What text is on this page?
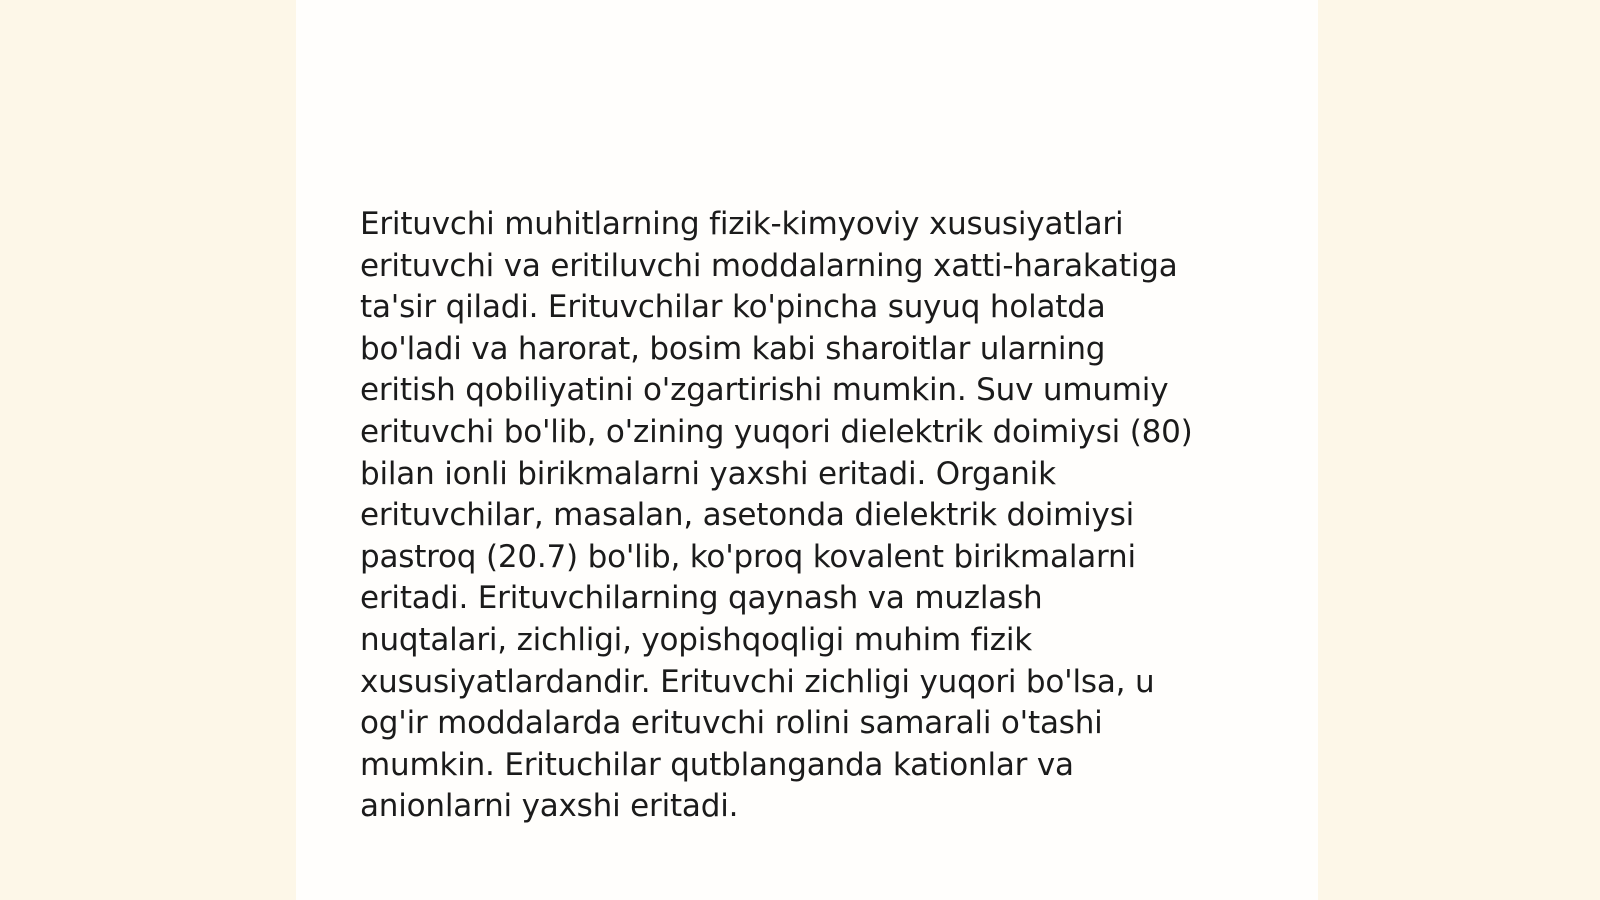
Erituvchi muhitlarning fizik-kimyoviy xususiyatlari
erituvchi va eritiluvchi moddalarning xatti-harakatiga
ta'sir qiladi. Erituvchilar ko'pincha suyuq holatda
bo'ladi va harorat, bosim kabi sharoitlar ularning
eritish qobiliyatini o'zgartirishi mumkin. Suv umumiy
erituvchi bo'lib, o'zining yuqori dielektrik doimiysi (80)
bilan ionli birikmalarni yaxshi eritadi. Organik
erituvchilar, masalan, asetonda dielektrik doimiysi
pastroq (20.7) bo'lib, ko'proq kovalent birikmalarni
eritadi. Erituvchilarning qaynash va muzlash
nuqtalari, zichligi, yopishqoqligi muhim fizik
xususiyatlardandir. Erituvchi zichligi yuqori bo'lsa, u
og'ir moddalarda erituvchi rolini samarali o'tashi
mumkin. Erituchilar qutblanganda kationlar va
anionlarni yaxshi eritadi.
